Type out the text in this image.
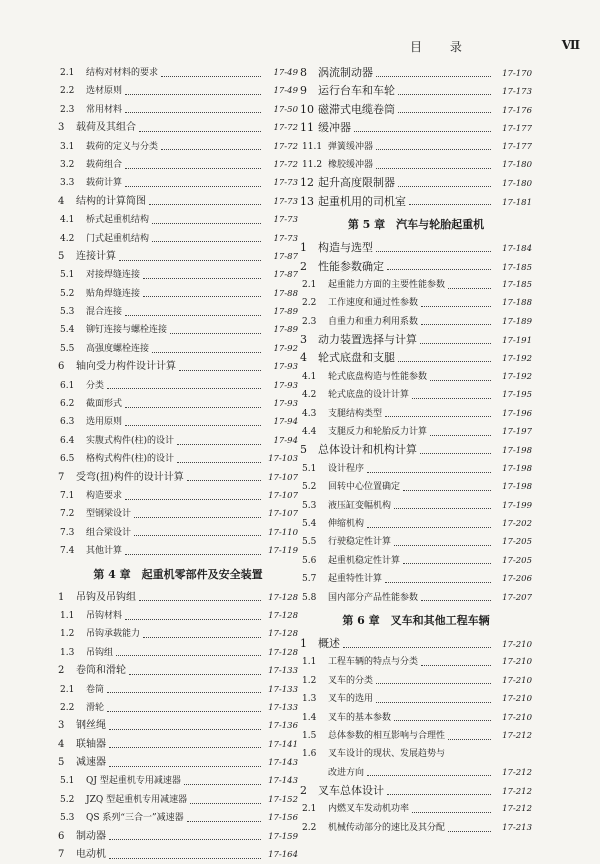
目 录	Ⅶ
2.1	结构对材料的要求	17-49
2.2	选材原则	17-49
2.3	常用材料	17-50
3	载荷及其组合	17-72
3.1	载荷的定义与分类	17-72
3.2	载荷组合	17-72
3.3	载荷计算	17-73
4	结构的计算简图	17-73
4.1	桥式起重机结构	17-73
4.2	门式起重机结构	17-73
5	连接计算	17-87
5.1	对接焊缝连接	17-87
5.2	贴角焊缝连接	17-88
5.3	混合连接	17-89
5.4	铆钉连接与螺栓连接	17-89
5.5	高强度螺栓连接	17-92
6	轴向受力构件设计计算	17-93
6.1	分类	17-93
6.2	截面形式	17-93
6.3	选用原则	17-94
6.4	实腹式构件(柱)的设计	17-94
6.5	格构式构件(柱)的设计	17-103
7	受弯(扭)构件的设计计算	17-107
7.1	构造要求	17-107
7.2	型钢梁设计	17-107
7.3	组合梁设计	17-110
7.4	其他计算	17-119
第 4 章　起重机零部件及安全装置
1	吊钩及吊钩组	17-128
1.1	吊钩材料	17-128
1.2	吊钩承载能力	17-128
1.3	吊钩组	17-128
2	卷筒和滑轮	17-133
2.1	卷筒	17-133
2.2	滑轮	17-133
3	钢丝绳	17-136
4	联轴器	17-141
5	减速器	17-143
5.1	QJ 型起重机专用减速器	17-143
5.2	JZQ 型起重机专用减速器	17-152
5.3	QS 系列“三合一”减速器	17-156
6	制动器	17-159
7	电动机	17-164
8	涡流制动器	17-170
9	运行台车和车轮	17-173
10 磁滞式电缆卷筒	17-176
11 缓冲器	17-177
11.1 弹簧缓冲器	17-177
11.2 橡胶缓冲器	17-180
12 起升高度限制器	17-180
13 起重机用的司机室	17-181
第 5 章　汽车与轮胎起重机
1	构造与选型	17-184
2	性能参数确定	17-185
2.1	起重能力方面的主要性能参数	17-185
2.2	工作速度和通过性参数	17-188
2.3	自重力和重力利用系数	17-189
3	动力装置选择与计算	17-191
4	轮式底盘和支腿	17-192
4.1	轮式底盘构造与性能参数	17-192
4.2	轮式底盘的设计计算	17-195
4.3	支腿结构类型	17-196
4.4	支腿反力和轮胎反力计算	17-197
5	总体设计和机构计算	17-198
5.1	设计程序	17-198
5.2	回转中心位置确定	17-198
5.3	液压缸变幅机构	17-199
5.4	伸缩机构	17-202
5.5	行驶稳定性计算	17-205
5.6	起重机稳定性计算	17-205
5.7	起重特性计算	17-206
5.8	国内部分产品性能参数	17-207
第 6 章　叉车和其他工程车辆
1	概述	17-210
1.1	工程车辆的特点与分类	17-210
1.2	叉车的分类	17-210
1.3	叉车的选用	17-210
1.4	叉车的基本参数	17-210
1.5	总体参数的相互影响与合理性	17-212
1.6	叉车设计的现状、发展趋势与
改进方向	17-212
2	叉车总体设计	17-212
2.1	内燃叉车发动机功率	17-212
2.2	机械传动部分的速比及其分配	17-213
